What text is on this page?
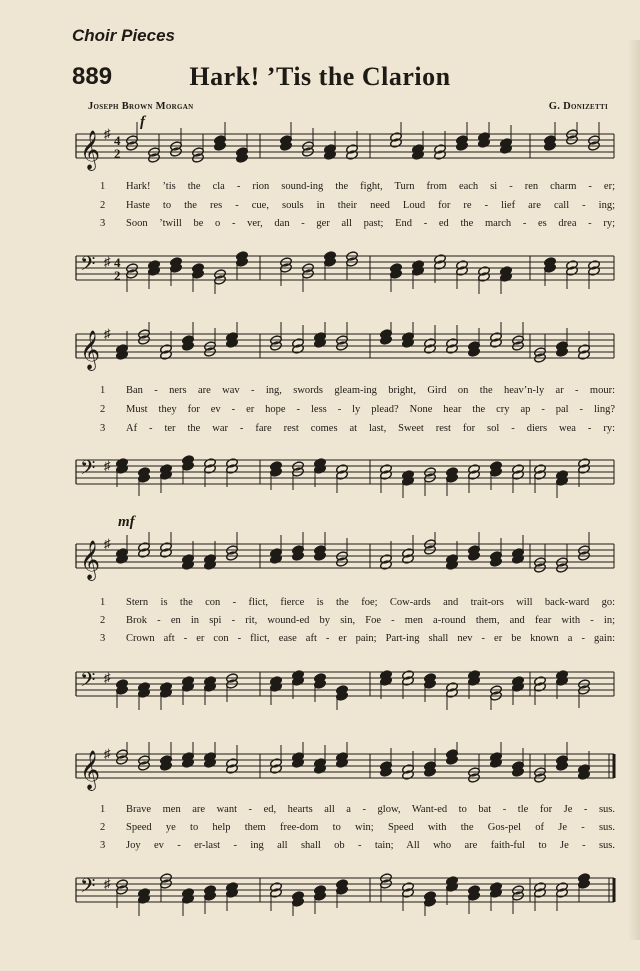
Choir Pieces
889	Hark! ’Tis the Clarion
Joseph Brown Morgan	G. Donizetti
f
mf
𝄞 ♯ 4
2
1 Hark! ’tis the cla - rion sound-ing the fight, Turn from each si - ren charm - er;
2 Haste to the res - cue, souls in their need Loud for re - lief are call - ing;
3 Soon ’twill be o - ver, dan - ger all past; End - ed the march - es drea - ry;
𝄢 ♯ 4
2
𝄞 ♯
1 Ban - ners are wav - ing, swords gleam-ing bright, Gird on the heav’n-ly ar - mour:
2 Must they for ev - er hope - less - ly plead? None hear the cry ap - pal - ling?
3 Af - ter the war - fare rest comes at last, Sweet rest for sol - diers wea - ry:
𝄢 ♯
𝄞 ♯
1 Stern is the con - flict, fierce is the foe; Cow-ards and trait-ors will back-ward go:
2 Brok - en in spi - rit, wound-ed by sin, Foe - men a-round them, and fear with - in;
3 Crown aft - er con - flict, ease aft - er pain; Part-ing shall nev - er be known a - gain:
𝄢 ♯
𝄞 ♯
1 Brave men are want - ed, hearts all a - glow, Want-ed to bat - tle for Je - sus.
2 Speed ye to help them free-dom to win; Speed with the Gos-pel of Je - sus.
3 Joy ev - er-last - ing all shall ob - tain; All who are faith-ful to Je - sus.
𝄢 ♯
